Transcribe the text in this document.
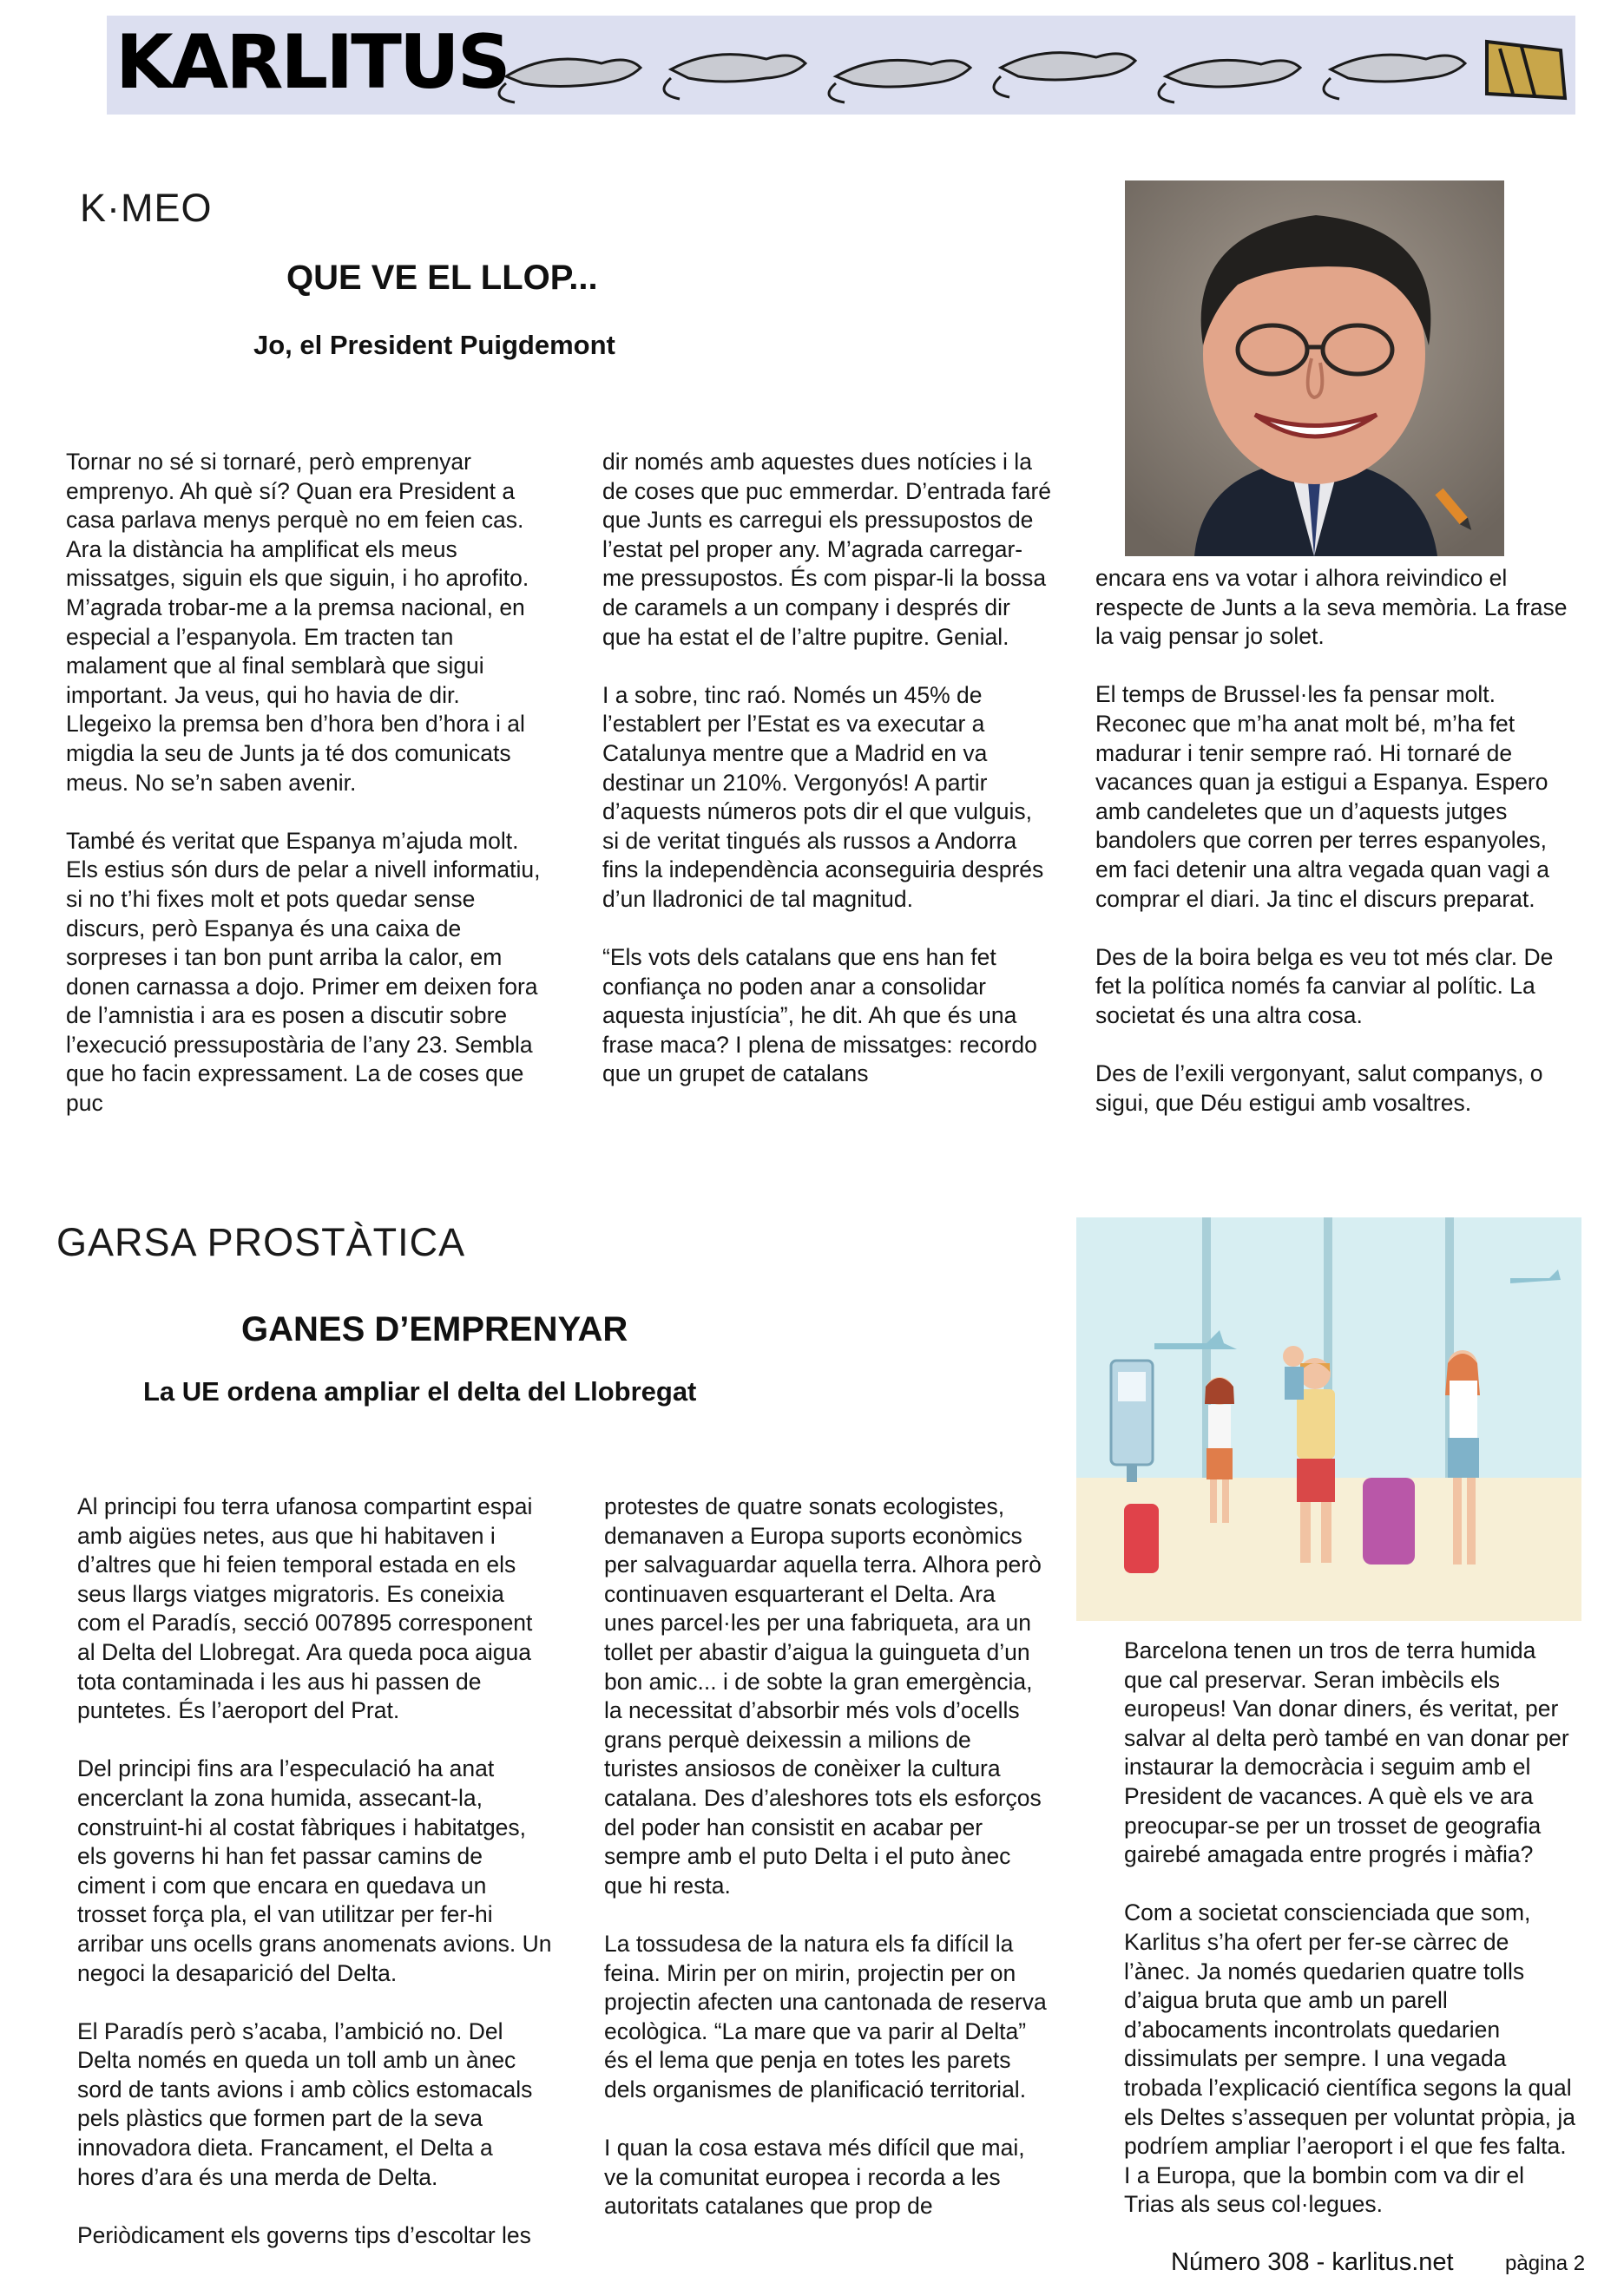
KARLITUS
K·MEO
QUE VE EL LLOP...
Jo, el President Puigdemont

Tornar no sé si tornaré, però emprenyar emprenyo. Ah què sí? Quan era President a casa parlava menys perquè no em feien cas. Ara la distància ha amplificat els meus missatges, siguin els que siguin, i ho aprofito. M’agrada trobar-me a la premsa nacional, en especial a l’espanyola. Em tracten tan malament que al final semblarà que sigui important. Ja veus, qui ho havia de dir. Llegeixo la premsa ben d’hora ben d’hora i al migdia la seu de Junts ja té dos comunicats meus. No se’n saben avenir.

També és veritat que Espanya m’ajuda molt. Els estius són durs de pelar a nivell informatiu, si no t’hi fixes molt et pots quedar sense discurs, però Espanya és una caixa de sorpreses i tan bon punt arriba la calor, em donen carnassa a dojo. Primer em deixen fora de l’amnistia i ara es posen a discutir sobre l’execució pressupostària de l’any 23. Sembla que ho facin expressament. La de coses que puc

dir només amb aquestes dues notícies i la de coses que puc emmerdar. D’entrada faré que Junts es carregui els pressupostos de l’estat pel proper any. M’agrada carregar-me pressupostos. És com pispar-li la bossa de caramels a un company i després dir que ha estat el de l’altre pupitre. Genial.

I a sobre, tinc raó. Només un 45% de l’establert per l’Estat es va executar a Catalunya mentre que a Madrid en va destinar un 210%. Vergonyós! A partir d’aquests números pots dir el que vulguis, si de veritat tingués als russos a Andorra fins la independència aconseguiria després d’un lladronici de tal magnitud.

“Els vots dels catalans que ens han fet confiança no poden anar a consolidar aquesta injustícia”, he dit. Ah que és una frase maca? I plena de missatges: recordo que un grupet de catalans

encara ens va votar i alhora reivindico el respecte de Junts a la seva memòria. La frase la vaig pensar jo solet.

El temps de Brussel·les fa pensar molt. Reconec que m’ha anat molt bé, m’ha fet madurar i tenir sempre raó. Hi tornaré de vacances quan ja estigui a Espanya. Espero amb candeletes que un d’aquests jutges bandolers que corren per terres espanyoles, em faci detenir una altra vegada quan vagi a comprar el diari. Ja tinc el discurs preparat.

Des de la boira belga es veu tot més clar. De fet la política només fa canviar al polític. La societat és una altra cosa.

Des de l’exili vergonyant, salut companys, o sigui, que Déu estigui amb vosaltres.

GARSA PROSTÀTICA
GANES D’EMPRENYAR
La UE ordena ampliar el delta del Llobregat

Al principi fou terra ufanosa compartint espai amb aigües netes, aus que hi habitaven i d’altres que hi feien temporal estada en els seus llargs viatges migratoris. Es coneixia com el Paradís, secció 007895 corresponent al Delta del Llobregat. Ara queda poca aigua tota contaminada i les aus hi passen de puntetes. És l’aeroport del Prat.

Del principi fins ara l’especulació ha anat encerclant la zona humida, assecant-la, construint-hi al costat fàbriques i habitatges, els governs hi han fet passar camins de ciment i com que encara en quedava un trosset força pla, el van utilitzar per fer-hi arribar uns ocells grans anomenats avions. Un negoci la desaparició del Delta.

El Paradís però s’acaba, l’ambició no. Del Delta només en queda un toll amb un ànec sord de tants avions i amb còlics estomacals pels plàstics que formen part de la seva innovadora dieta. Francament, el Delta a hores d’ara és una merda de Delta.

Periòdicament els governs tips d’escoltar les

protestes de quatre sonats ecologistes, demanaven a Europa suports econòmics per salvaguardar aquella terra. Alhora però continuaven esquarterant el Delta. Ara unes parcel·les per una fabriqueta, ara un tollet per abastir d’aigua la guingueta d’un bon amic... i de sobte la gran emergència, la necessitat d’absorbir més vols d’ocells grans perquè deixessin a milions de turistes ansiosos de conèixer la cultura catalana. Des d’aleshores tots els esforços del poder han consistit en acabar per sempre amb el puto Delta i el puto ànec que hi resta.

La tossudesa de la natura els fa difícil la feina. Mirin per on mirin, projectin per on projectin afecten una cantonada de reserva ecològica. “La mare que va parir al Delta” és el lema que penja en totes les parets dels organismes de planificació territorial.

I quan la cosa estava més difícil que mai, ve la comunitat europea i recorda a les autoritats catalanes que prop de

Barcelona tenen un tros de terra humida que cal preservar. Seran imbècils els europeus! Van donar diners, és veritat, per salvar al delta però també en van donar per instaurar la democràcia i seguim amb el President de vacances. A què els ve ara preocupar-se per un trosset de geografia gairebé amagada entre progrés i màfia?

Com a societat conscienciada que som, Karlitus s’ha ofert per fer-se càrrec de l’ànec. Ja només quedarien quatre tolls d’aigua bruta que amb un parell d’abocaments incontrolats quedarien dissimulats per sempre. I una vegada trobada l’explicació científica segons la qual els Deltes s’assequen per voluntat pròpia, ja podríem ampliar l’aeroport i el que fes falta. I a Europa, que la bombin com va dir el Trias als seus col·legues.

Número 308 - karlitus.net pàgina 2
